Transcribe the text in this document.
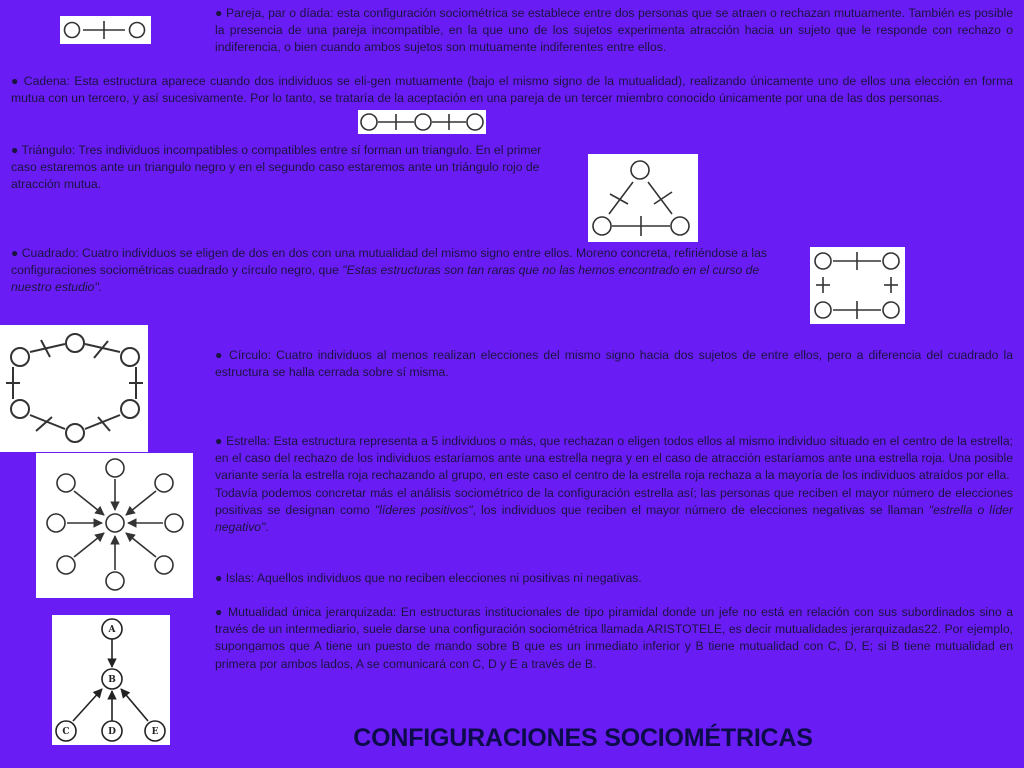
● Pareja, par o díada: esta configuración sociométrica se establece entre dos personas que se atraen o rechazan mutuamente. También es posible la presencia de una pareja incompatible, en la que uno de los sujetos experimenta atracción hacia un sujeto que le responde con rechazo o indiferencia, o bien cuando ambos sujetos son mutuamente indiferentes entre ellos.

● Cadena: Esta estructura aparece cuando dos individuos se eli-gen mutuamente (bajo el mismo signo de la mutualidad), realizando únicamente uno de ellos una elección en forma mutua con un tercero, y así sucesivamente. Por lo tanto, se trataría de la aceptación en una pareja de un tercer miembro conocido únicamente por una de las dos personas.

● Triángulo: Tres individuos incompatibles o compatibles entre sí forman un triangulo. En el primer caso estaremos ante un triangulo negro y en el segundo caso estaremos ante un triángulo rojo de atracción mutua.

● Cuadrado: Cuatro individuos se eligen de dos en dos con una mutualidad del mismo signo entre ellos. Moreno concreta, refiriéndose a las configuraciones sociométricas cuadrado y círculo negro, que "Estas estructuras son tan raras que no las hemos encontrado en el curso de nuestro estudio".

● Círculo: Cuatro individuos al menos realizan elecciones del mismo signo hacia dos sujetos de entre ellos, pero a diferencia del cuadrado la estructura se halla cerrada sobre sí misma.

● Estrella: Esta estructura representa a 5 individuos o más, que rechazan o eligen todos ellos al mismo individuo situado en el centro de la estrella; en el caso del rechazo de los individuos estaríamos ante una estrella negra y en el caso de atracción estaríamos ante una estrella roja. Una posible variante sería la estrella roja rechazando al grupo, en este caso el centro de la estrella roja rechaza a la mayoría de los individuos atraídos por ella.
Todavía podemos concretar más el análisis sociométrico de la configuración estrella así; las personas que reciben el mayor número de elecciones positivas se designan como "líderes positivos", los individuos que reciben el mayor número de elecciones negativas se llaman "estrella o líder negativo".

● Islas: Aquellos individuos que no reciben elecciones ni positivas ni negativas.

● Mutualidad única jerarquizada: En estructuras institucionales de tipo piramidal donde un jefe no está en relación con sus subordinados sino a través de un intermediario, suele darse una configuración sociométrica llamada ARISTOTELE, es decir mutualidades jerarquizadas22. Por ejemplo, supongamos que A tiene un puesto de mando sobre B que es un inmediato inferior y B tiene mutualidad con C, D, E; si B tiene mutualidad en primera por ambos lados, A se comunicará con C, D y E a través de B.

A
B
C	D	E	CONFIGURACIONES SOCIOMÉTRICAS
